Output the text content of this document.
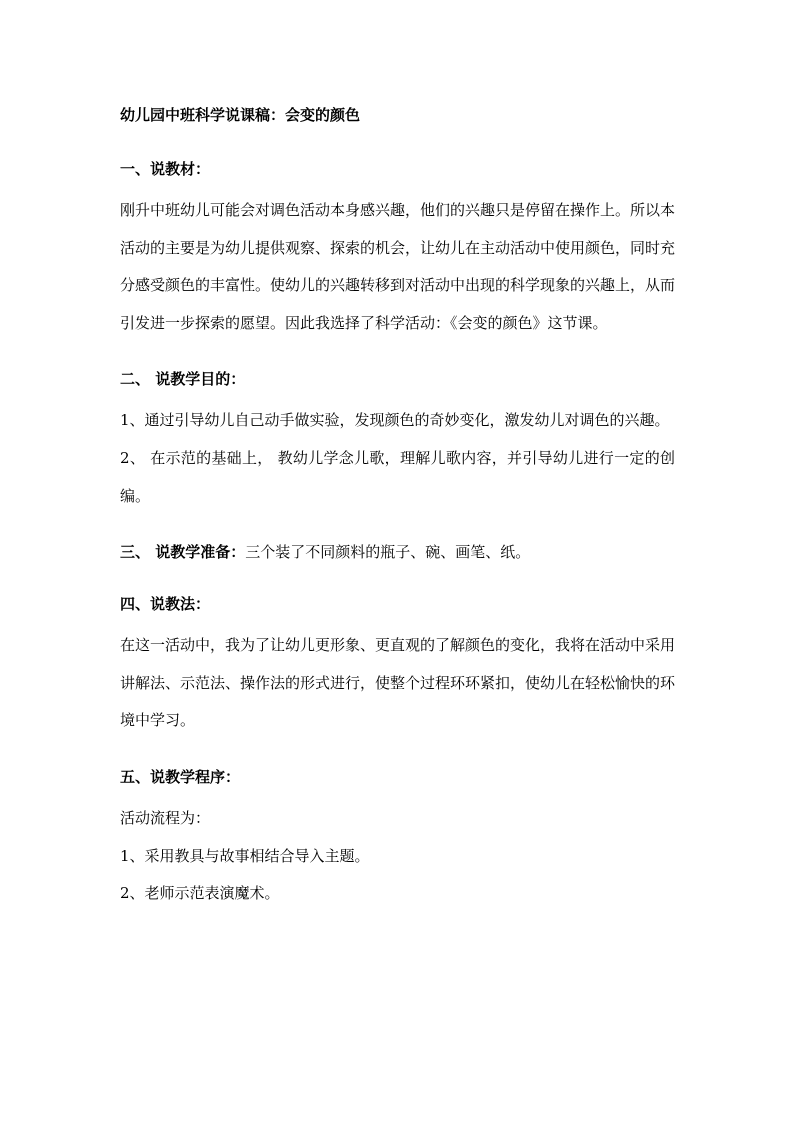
幼儿园中班科学说课稿：会变的颜色
一、说教材：

刚升中班幼儿可能会对调色活动本身感兴趣，他们的兴趣只是停留在操作上。所以本活动的主要是为幼儿提供观察、探索的机会，让幼儿在主动活动中使用颜色，同时充分感受颜色的丰富性。使幼儿的兴趣转移到对活动中出现的科学现象的兴趣上，从而引发进一步探索的愿望。因此我选择了科学活动：《会变的颜色》这节课。

二、 说教学目的：

1、通过引导幼儿自己动手做实验，发现颜色的奇妙变化，激发幼儿对调色的兴趣。

2、 在示范的基础上， 教幼儿学念儿歌，理解儿歌内容，并引导幼儿进行一定的创编。

三、 说教学准备：三个装了不同颜料的瓶子、碗、画笔、纸。
四、说教法：

在这一活动中，我为了让幼儿更形象、更直观的了解颜色的变化，我将在活动中采用讲解法、示范法、操作法的形式进行，使整个过程环环紧扣，使幼儿在轻松愉快的环境中学习。

五、说教学程序：

活动流程为：

1、采用教具与故事相结合导入主题。

2、老师示范表演魔术。
